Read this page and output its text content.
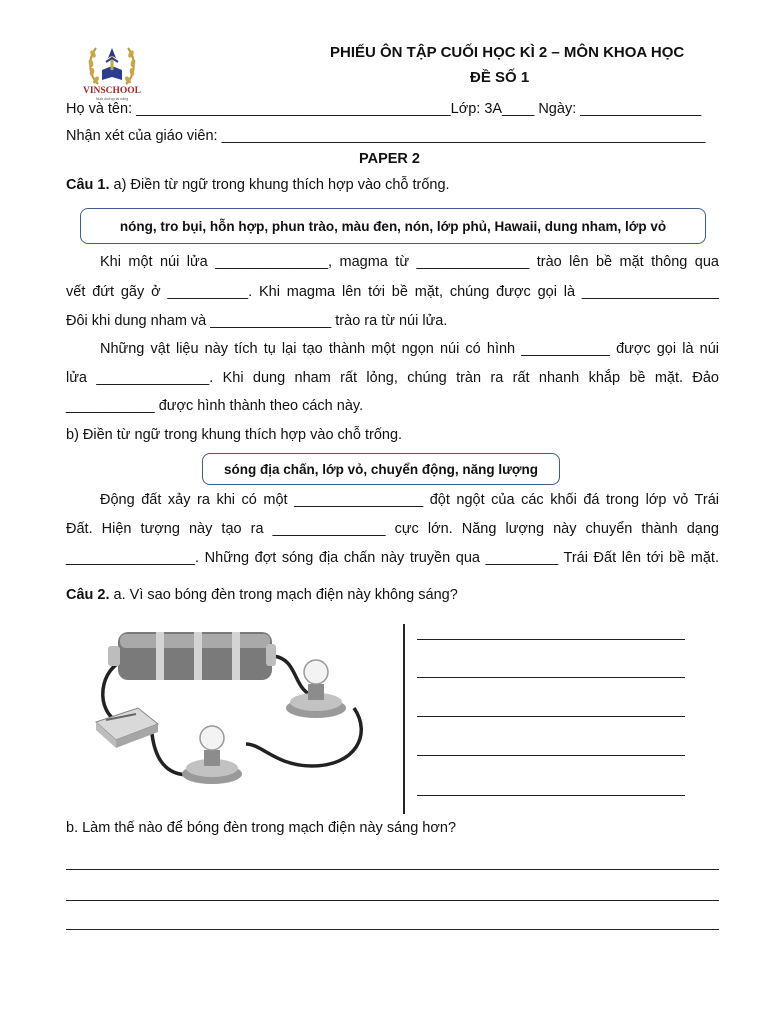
VINSCHOOL
Nuôi dưỡng tài năng
PHIẾU ÔN TẬP CUỐI HỌC KÌ 2 – MÔN KHOA HỌC
ĐỀ SỐ 1
Họ và tên: _______________________________________Lớp: 3A____ Ngày: _______________
Nhận xét của giáo viên: ____________________________________________________________
PAPER 2
Câu 1. a) Điền từ ngữ trong khung thích hợp vào chỗ trống.
nóng, tro bụi, hỗn hợp, phun trào, màu đen, nón, lớp phủ, Hawaii, dung nham, lớp vỏ
Khi một núi lửa ______________, magma từ ______________ trào lên bề mặt thông qua
vết đứt gãy ở __________. Khi magma lên tới bề mặt, chúng được gọi là _________________
Đôi khi dung nham và _______________ trào ra từ núi lửa.
Những vật liệu này tích tụ lại tạo thành một ngọn núi có hình ___________ được gọi là núi
lửa ______________. Khi dung nham rất lỏng, chúng tràn ra rất nhanh khắp bề mặt. Đảo
___________ được hình thành theo cách này.
b) Điền từ ngữ trong khung thích hợp vào chỗ trống.
sóng địa chấn, lớp vỏ, chuyển động, năng lượng
Động đất xảy ra khi có một ________________ đột ngột của các khối đá trong lớp vỏ Trái
Đất. Hiện tượng này tạo ra ______________ cực lớn. Năng lượng này chuyển thành dạng
________________. Những đợt sóng địa chấn này truyền qua _________ Trái Đất lên tới bề mặt.
Câu 2. a. Vì sao bóng đèn trong mạch điện này không sáng?
b. Làm thế nào để bóng đèn trong mạch điện này sáng hơn?
